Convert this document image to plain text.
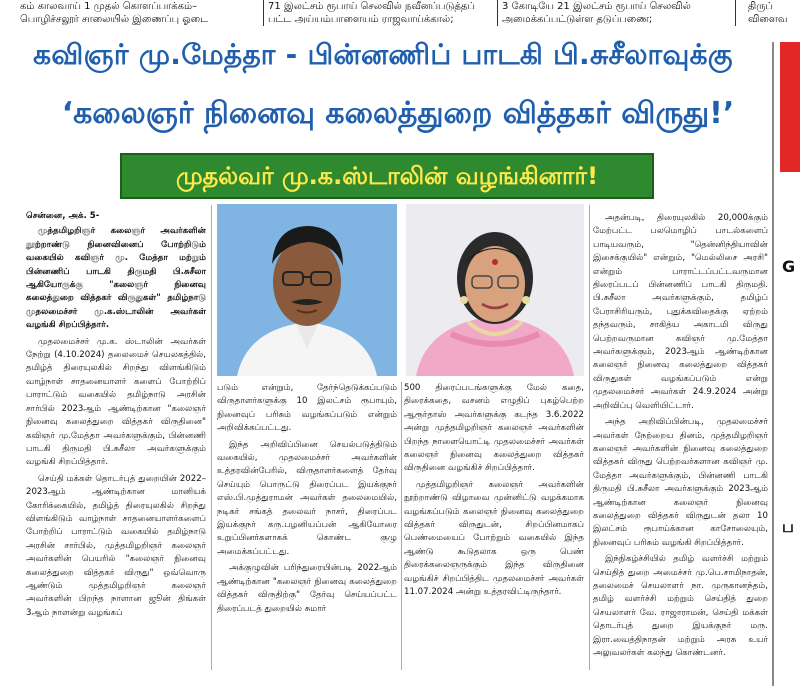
கம் காலவாய் 1 முதல் கொளப்பாக்கம்–
பொழிச்சலூர் சாலையில் இணைப்பு ஓடை
71 இலட்சம் ரூபாய் செலவில் நவீனப்படுத்தப்
பட்ட அய்யம்பாளையம் ராஜவாய்க்கால்;
3 கோடியே 21 இலட்சம் ரூபாய் செலவில்
அமைக்கப்பட்டுள்ள தடுப்பணை;
திருப்
விளைவ
கவிஞர் மு.மேத்தா - பின்னணிப் பாடகி பி.சுசீலாவுக்கு
‘கலைஞர் நினைவு கலைத்துறை வித்தகர் விருது!’
முதல்வர் மு.க.ஸ்டாலின் வழங்கினார்!
G
ப

சென்னை, அக். 5-

முத்தமிழறிஞர் கலைஞர் அவர்களின் நூற்றாண்டு நினைவினைப் போற்றிடும் வகையில் கவிஞர் மு. மேத்தா மற்றும் பின்னணிப் பாடகி திருமதி பி.சுசீலா ஆகியோருக்கு "கலைஞர் நினைவு கலைத்துறை வித்தகர் விருதுகள்" தமிழ்நாடு முதலமைச்சர் மு.க.ஸ்டாலின் அவர்கள் வழங்கி சிறப்பித்தார்.

முதலமைச்சர் மு.க. ஸ்டாலின் அவர்கள் நேற்று (4.10.2024) தலைமைச் செயலகத்தில், தமிழ்த் திரையுலகில் சிறந்து விளங்கிடும் வாழ்நாள் சாதனையாளர் களைப் போற்றிப் பாராட்டும் வகையில் தமிழ்நாடு அரசின் சார்பில் 2023ஆம் ஆண்டிற்கான "கலைஞர் நினைவு கலைத்துறை வித்தகர் விருதினை" கவிஞர் மு.மேத்தா அவர்களுக்கும், பின்னணி பாடகி திருமதி பி.சுசீலா அவர்களுக்கும் வழங்கி சிறப்பித்தார்.

செய்தி மக்கள் தொடர்புத் துறையின் 2022–2023ஆம் ஆண்டிற்கான மானியக் கோரிக்கையில், தமிழ்த் திரையுலகில் சிறந்து விளங்கிடும் வாழ்நாள் சாதனையாளர்களைப் போற்றிப் பாராட்டும் வகையில் தமிழ்நாடு அரசின் சார்பில், முத்தமிழறிஞர் கலைஞர் அவர்களின் பெயரில் "கலைஞர் நினைவு கலைத்துறை வித்தகர் விருது" ஒவ்வொரு ஆண்டும் முத்தமிழறிஞர் கலைஞர் அவர்களின் பிறந்த நாளான ஜூன் திங்கள் 3ஆம் நாளன்று வழங்கப்

படும் என்றும், தேர்ந்தெடுக்கப்படும் விருதாளர்களுக்கு 10 இலட்சம் ரூபாயும், நினைவுப் பரிசும் வழங்கப்படும் என்றும் அறிவிக்கப்பட்டது.

இந்த அறிவிப்பினை செயல்படுத்திடும் வகையில், முதலமைச்சர் அவர்களின் உத்தரவின்பேரில், விருதாளர்களைத் தேர்வு செய்யும் பொருட்டு திரைப்பட இயக்குநர் எஸ்.பி.முத்துராமன் அவர்கள் தலைமையில், நடிகர் சங்கத் தலைவர் நாசர், திரைப்பட இயக்குநர் கரு.பழனியப்பன் ஆகியோரை உறுப்பினர்களாகக் கொண்ட குழு அமைக்கப்பட்டது.

அக்குழுவின் பரிந்துரையின்படி 2022ஆம் ஆண்டிற்கான "கலைஞர் நினைவு கலைத்துறை வித்தகர் விருதிற்கு" தேர்வு செய்யப்பட்ட திரைப்படத் துறையில் சுமார்

500 திரைப்படங்களுக்கு மேல் கதை, திரைக்கதை, வசனம் எழுதிப் புகழ்பெற்ற ஆரூர்தாஸ் அவர்களுக்கு கடந்த 3.6.2022 அன்று முத்தமிழறிஞர் கலைஞர் அவர்களின் பிறந்த நாளையொட்டி முதலமைச்சர் அவர்கள் கலைஞர் நினைவு கலைத்துறை வித்தகர் விருதினை வழங்கிச் சிறப்பித்தார்.

முத்தமிழறிஞர் கலைஞர் அவர்களின் நூற்றாண்டு விழாவை முன்னிட்டு வழக்கமாக வழங்கப்படும் கலைஞர் நினைவு கலைத்துறை வித்தகர் விருதுடன், சிறப்பினமாகப் பெண்மையைப் போற்றும் வகையில் இந்த ஆண்டு கூடுதலாக ஒரு பெண் திரைக்கலைஞருக்கும் இந்த விருதினை வழங்கிச் சிறப்பித்திட முதலமைச்சர் அவர்கள் 11.07.2024 அன்று உத்தரவிட்டிருந்தார்.

அதன்படி, திரையுலகில் 20,000க்கும் மேற்பட்ட பலமொழிப் பாடல்களைப் பாடியவரும், "தென்னிந்தியாவின் இசைக்குயில்" என்றும், "மெல்லிசை அரசி" என்றும் பாராட்டப்பட்டவருமான திரைப்படப் பின்னணிப் பாடகி திருமதி. பி.சுசீலா அவர்களுக்கும், தமிழ்ப் பேராசிரியரும், புதுக்கவிதைக்கு ஏற்றம் தந்தவரும், சாகித்ய அகாடமி விருது பெற்றவருமான கவிஞர் மு.மேத்தா அவர்களுக்கும், 2023ஆம் ஆண்டிற்கான கலைஞர் நினைவு கலைத்துறை வித்தகர் விருதுகள் வழங்கப்படும் என்று முதலமைச்சர் அவர்கள் 24.9.2024 அன்று அறிவிப்பு வெளியிட்டார்.

அந்த அறிவிப்பின்படி, முதலமைச்சர் அவர்கள் நேற்றைய தினம், முத்தமிழறிஞர் கலைஞர் அவர்களின் நினைவு கலைத்துறை வித்தகர் விருது பெற்றவர்களான கவிஞர் மு. மேத்தா அவர்களுக்கும், பின்னணி பாடகி திருமதி பி.சுசீலா அவர்களுக்கும் 2023ஆம் ஆண்டிற்கான கலைஞர் நினைவு கலைத்துறை வித்தகர் விருதுடன் தலா 10 இலட்சம் ரூபாய்க்கான காசோலையும், நினைவுப் பரிசும் வழங்கி சிறப்பித்தார்.

இந்நிகழ்ச்சியில் தமிழ் வளர்ச்சி மற்றும் செய்தித் துறை அமைச்சர் மு.பெ.சாமிநாதன், தலைமைச் செயலாளர் நா. முருகானந்தம், தமிழ் வளர்ச்சி மற்றும் செய்தித் துறை செயலாளர் வே. ராஜாராமன், செய்தி மக்கள் தொடர்புத் துறை இயக்குநர் மரு. இரா.வைத்திநாதன் மற்றும் அரசு உயர் அலுவலர்கள் கலந்து கொண்டனர்.
